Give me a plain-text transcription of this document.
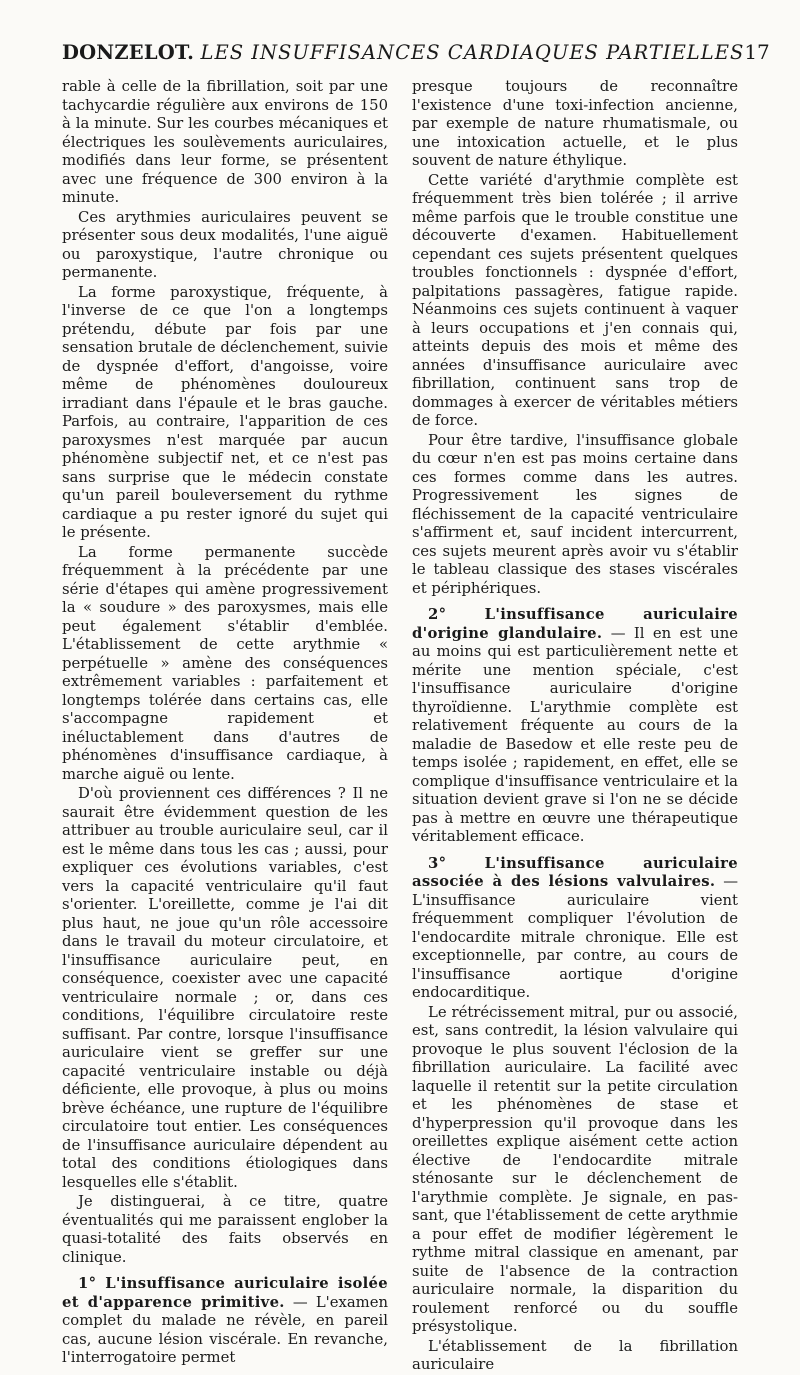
DONZELOT. LES INSUFFISANCES CARDIAQUES PARTIELLES 17

rable à celle de la fibrillation, soit par une tachycardie régulière aux environs de 150 à la minute. Sur les courbes mécaniques et électriques les soulèvements auriculaires, modifiés dans leur forme, se présentent avec une fréquence de 300 environ à la minute.

Ces arythmies auriculaires peuvent se présenter sous deux modalités, l'une aiguë ou paroxystique, l'autre chronique ou permanente.

La forme paroxystique, fréquente, à l'inverse de ce que l'on a longtemps prétendu, débute par fois par une sensation brutale de déclenchement, suivie de dyspnée d'effort, d'angoisse, voire même de phénomènes douloureux irradiant dans l'épaule et le bras gauche. Parfois, au contraire, l'apparition de ces paroxysmes n'est marquée par aucun phénomène subjectif net, et ce n'est pas sans surprise que le médecin constate qu'un pareil bouleversement du rythme cardiaque a pu rester ignoré du sujet qui le présente.

La forme permanente succède fréquemment à la précédente par une série d'étapes qui amène progressivement la « soudure » des paroxysmes, mais elle peut également s'établir d'emblée. L'établissement de cette arythmie « perpétuelle » amène des conséquences extrêmement variables : parfaitement et longtemps tolérée dans certains cas, elle s'accompagne rapidement et inéluctablement dans d'autres de phénomènes d'insuffisance cardiaque, à marche aiguë ou lente.

D'où proviennent ces différences ? Il ne saurait être évidemment question de les attribuer au trouble auriculaire seul, car il est le même dans tous les cas ; aussi, pour expliquer ces évolutions variables, c'est vers la capacité ventriculaire qu'il faut s'orienter. L'oreillette, comme je l'ai dit plus haut, ne joue qu'un rôle accessoire dans le travail du moteur circulatoire, et l'insuffisance auriculaire peut, en conséquence, coexister avec une capacité ventriculaire normale ; or, dans ces conditions, l'équilibre circulatoire reste suffisant. Par contre, lorsque l'insuffisance auriculaire vient se greffer sur une capacité ventriculaire instable ou déjà déficiente, elle provoque, à plus ou moins brève échéance, une rupture de l'équilibre circulatoire tout entier. Les conséquences de l'insuffisance auriculaire dépendent au total des conditions étiologiques dans lesquelles elle s'établit.

Je distinguerai, à ce titre, quatre éventualités qui me paraissent englober la quasi-totalité des faits observés en clinique.

1° L'insuffisance auriculaire isolée et d'apparence primitive. — L'examen complet du malade ne révèle, en pareil cas, aucune lésion viscérale. En revanche, l'interrogatoire permet

presque toujours de reconnaître l'existence d'une toxi-infection ancienne, par exemple de nature rhumatismale, ou une intoxication actuelle, et le plus souvent de nature éthylique.

Cette variété d'arythmie complète est fréquemment très bien tolérée ; il arrive même parfois que le trouble constitue une découverte d'examen. Habituellement cependant ces sujets présentent quelques troubles fonctionnels : dyspnée d'effort, palpitations passagères, fatigue rapide. Néanmoins ces sujets continuent à vaquer à leurs occupations et j'en connais qui, atteints depuis des mois et même des années d'insuffisance auriculaire avec fibrillation, continuent sans trop de dommages à exercer de véritables métiers de force.

Pour être tardive, l'insuffisance globale du cœur n'en est pas moins certaine dans ces formes comme dans les autres. Progressivement les signes de fléchissement de la capacité ventriculaire s'affirment et, sauf incident intercurrent, ces sujets meurent après avoir vu s'établir le tableau classique des stases viscérales et périphériques.

2° L'insuffisance auriculaire d'origine glandulaire. — Il en est une au moins qui est particulièrement nette et mérite une mention spéciale, c'est l'insuffisance auriculaire d'origine thyroïdienne. L'arythmie complète est relativement fréquente au cours de la maladie de Basedow et elle reste peu de temps isolée ; rapidement, en effet, elle se complique d'insuffisance ventriculaire et la situation devient grave si l'on ne se décide pas à mettre en œuvre une thérapeutique véritablement efficace.

3° L'insuffisance auriculaire associée à des lésions valvulaires. — L'insuffisance auriculaire vient fréquemment compliquer l'évolution de l'endocardite mitrale chronique. Elle est exceptionnelle, par contre, au cours de l'insuffisance aortique d'origine endocarditique.

Le rétrécissement mitral, pur ou associé, est, sans contredit, la lésion valvulaire qui provoque le plus souvent l'éclosion de la fibrillation auriculaire. La facilité avec laquelle il retentit sur la petite circulation et les phénomènes de stase et d'hyperpression qu'il provoque dans les oreillettes explique aisément cette action élective de l'endocardite mitrale sténosante sur le déclenchement de l'arythmie complète. Je signale, en passant, que l'établissement de cette arythmie a pour effet de modifier légèrement le rythme mitral classique en amenant, par suite de l'absence de la contraction auriculaire normale, la disparition du roulement renforcé ou du souffle présystolique.

L'établissement de la fibrillation auriculaire
